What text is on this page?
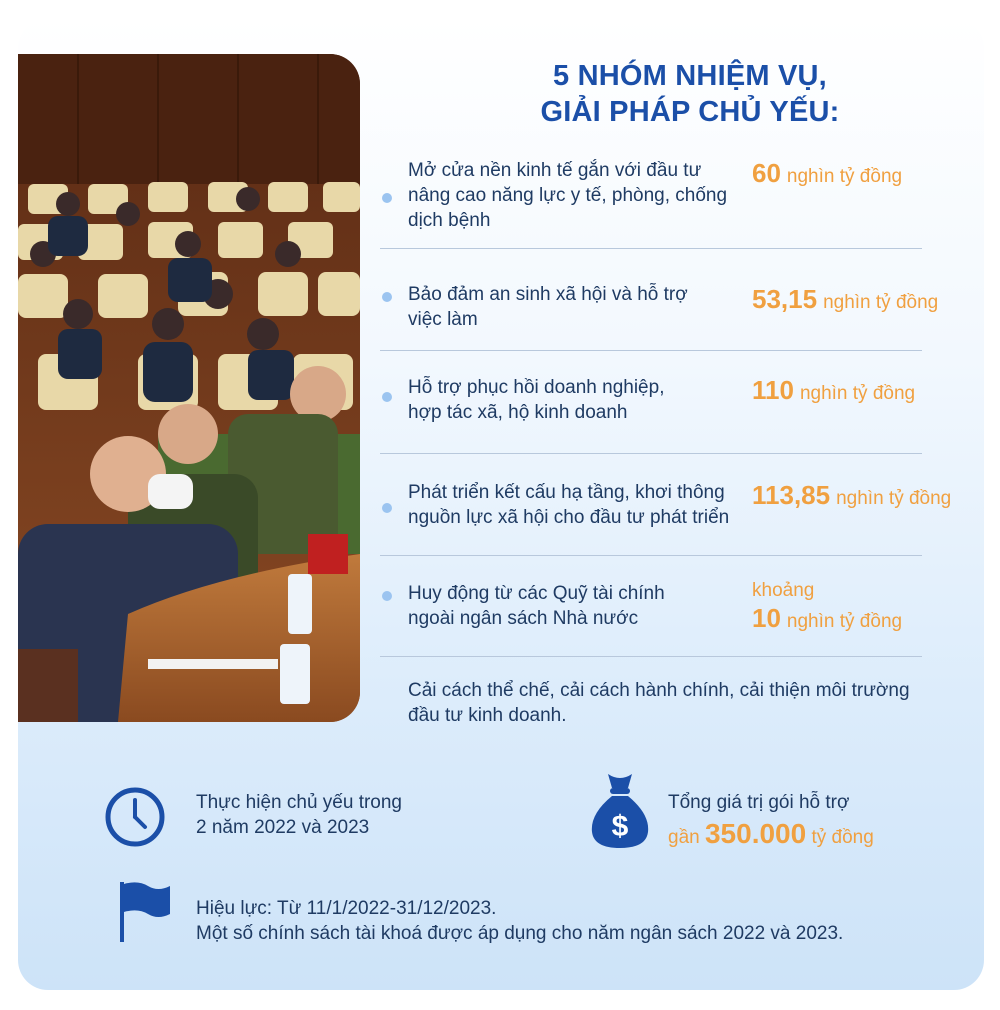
5 NHÓM NHIỆM VỤ,
GIẢI PHÁP CHỦ YẾU:
Mở cửa nền kinh tế gắn với đầu tư
nâng cao năng lực y tế, phòng, chống
dịch bệnh
60 nghìn tỷ đồng
Bảo đảm an sinh xã hội và hỗ trợ
việc làm
53,15 nghìn tỷ đồng
Hỗ trợ phục hồi doanh nghiệp,
hợp tác xã, hộ kinh doanh
110 nghìn tỷ đồng
Phát triển kết cấu hạ tầng, khơi thông
nguồn lực xã hội cho đầu tư phát triển
113,85 nghìn tỷ đồng
Huy động từ các Quỹ tài chính
ngoài ngân sách Nhà nước
khoảng
10 nghìn tỷ đồng
Cải cách thể chế, cải cách hành chính, cải thiện môi trường
đầu tư kinh doanh.
Thực hiện chủ yếu trong
2 năm 2022 và 2023	$
Tổng giá trị gói hỗ trợ
gần 350.000 tỷ đồng
Hiệu lực: Từ 11/1/2022-31/12/2023.
Một số chính sách tài khoá được áp dụng cho năm ngân sách 2022 và 2023.
